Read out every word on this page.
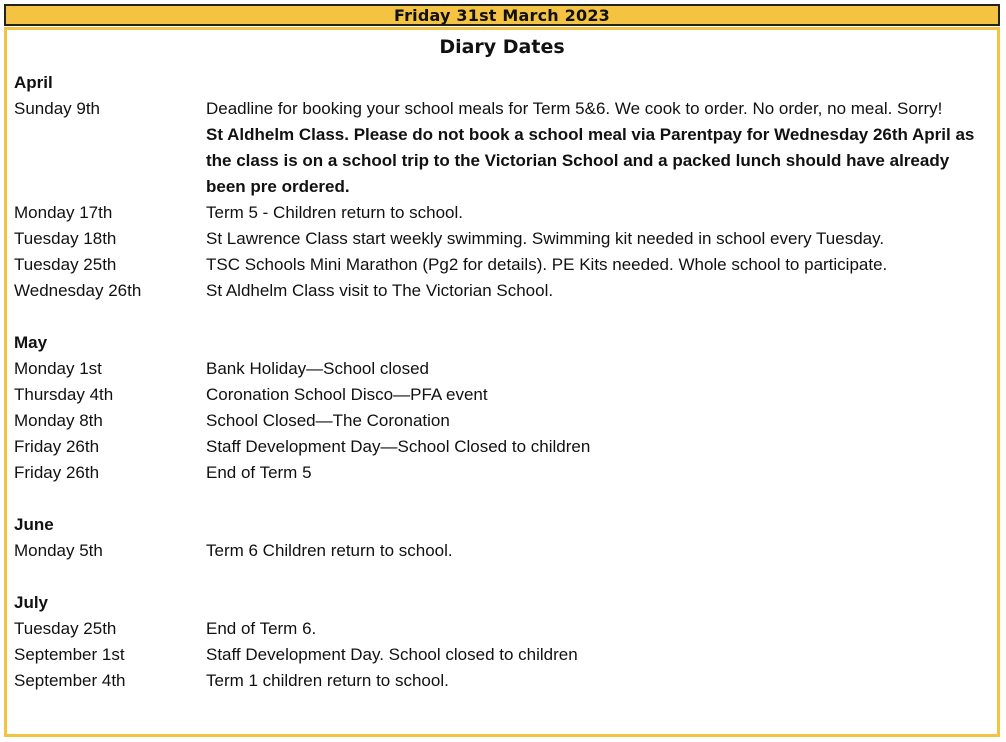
Friday 31st March 2023
Diary Dates
April
Sunday 9th	Deadline for booking your school meals for Term 5&6. We cook to order. No order, no meal. Sorry!
St Aldhelm Class. Please do not book a school meal via Parentpay for Wednesday 26th April as the class is on a school trip to the Victorian School and a packed lunch should have already been pre ordered.
Monday 17th	Term 5 - Children return to school.
Tuesday 18th	St Lawrence Class start weekly swimming. Swimming kit needed in school every Tuesday.
Tuesday 25th	TSC Schools Mini Marathon (Pg2 for details). PE Kits needed. Whole school to participate.
Wednesday 26th	St Aldhelm Class visit to The Victorian School.
May
Monday 1st	Bank Holiday—School closed
Thursday 4th	Coronation School Disco—PFA event
Monday 8th	School Closed—The Coronation
Friday 26th	Staff Development Day—School Closed to children
Friday 26th	End of Term 5
June
Monday 5th	Term 6 Children return to school.
July
Tuesday 25th	End of Term 6.
September 1st	Staff Development Day. School closed to children
September 4th	Term 1 children return to school.
